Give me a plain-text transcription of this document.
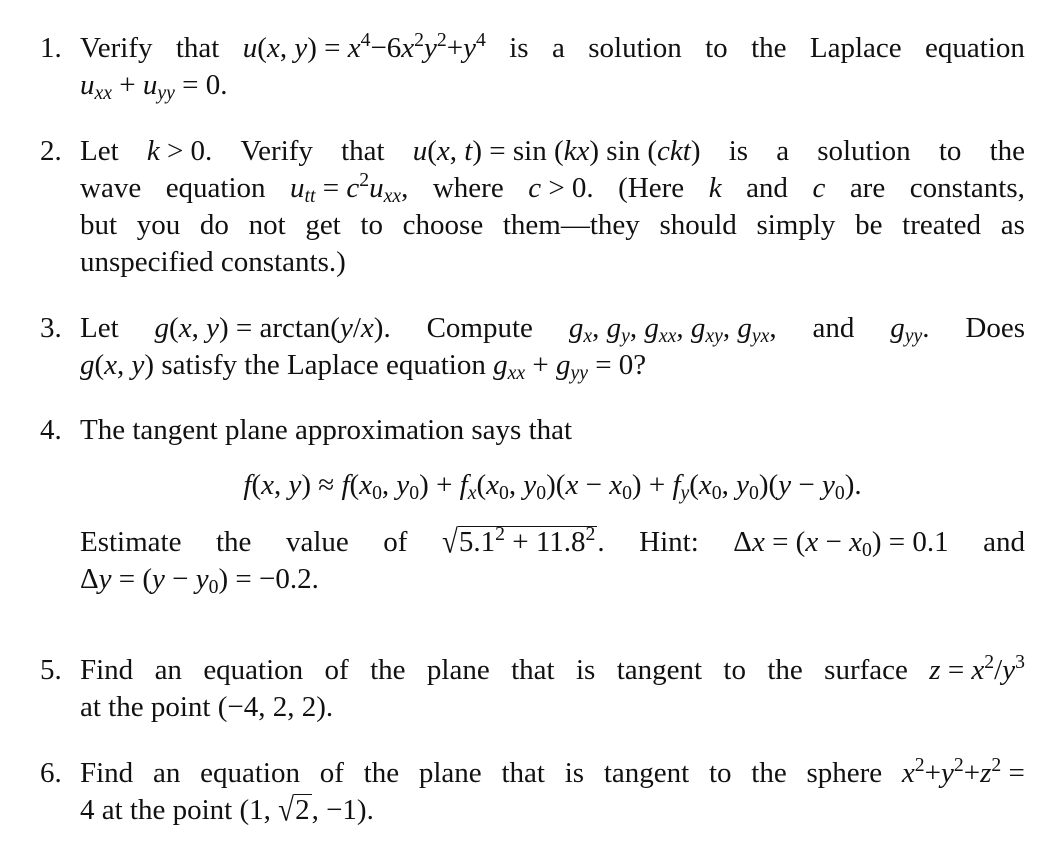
1. Verify that u(x, $y) = x^4-6x^2y^2+y^4$ is a solution to the Laplace equation
$u_{xx} + u_{yy} = 0$.
2. Let k > 0. Verify that u(x, t) = sin (kx) sin (ckt) is a solution to the
wave equation $u_{tt} = c^2u_{xx}$, where c > 0. (Here k and c are constants,
but you do not get to choose them—they should simply be treated as
unspecified constants.)
3. Let g(x, y) = arctan(y/x). Compute $g_x$, $g_y$, $g_{xx}$, $g_{xy}$, $g_{yx}$, and $g_{yy}$. Does
g(x, y) satisfy the Laplace equation $g_{xx} + g_{yy} = 0$?
4. The tangent plane approximation says that
f(x, $y) \approx f(x_0$, $y_0) + f_x(x_0$, $y_0)(x - x_0) + f_y(x_0$, $y_0)(y - y_0)$.
Estimate the value of $√5.1^2 + 11.8^2$. Hint: $\Delta x = (x - x_0) = 0.1$ and
$\Delta y = (y - y_0) = -0.2$.
5. Find an equation of the plane that is tangent to the surface $z = x^2/y^3$
at the point (−4, 2, 2).
6. Find an equation of the plane that is tangent to the sphere $x^2+y^2+z^2$ =
4 at the point (1, √2, −1).
